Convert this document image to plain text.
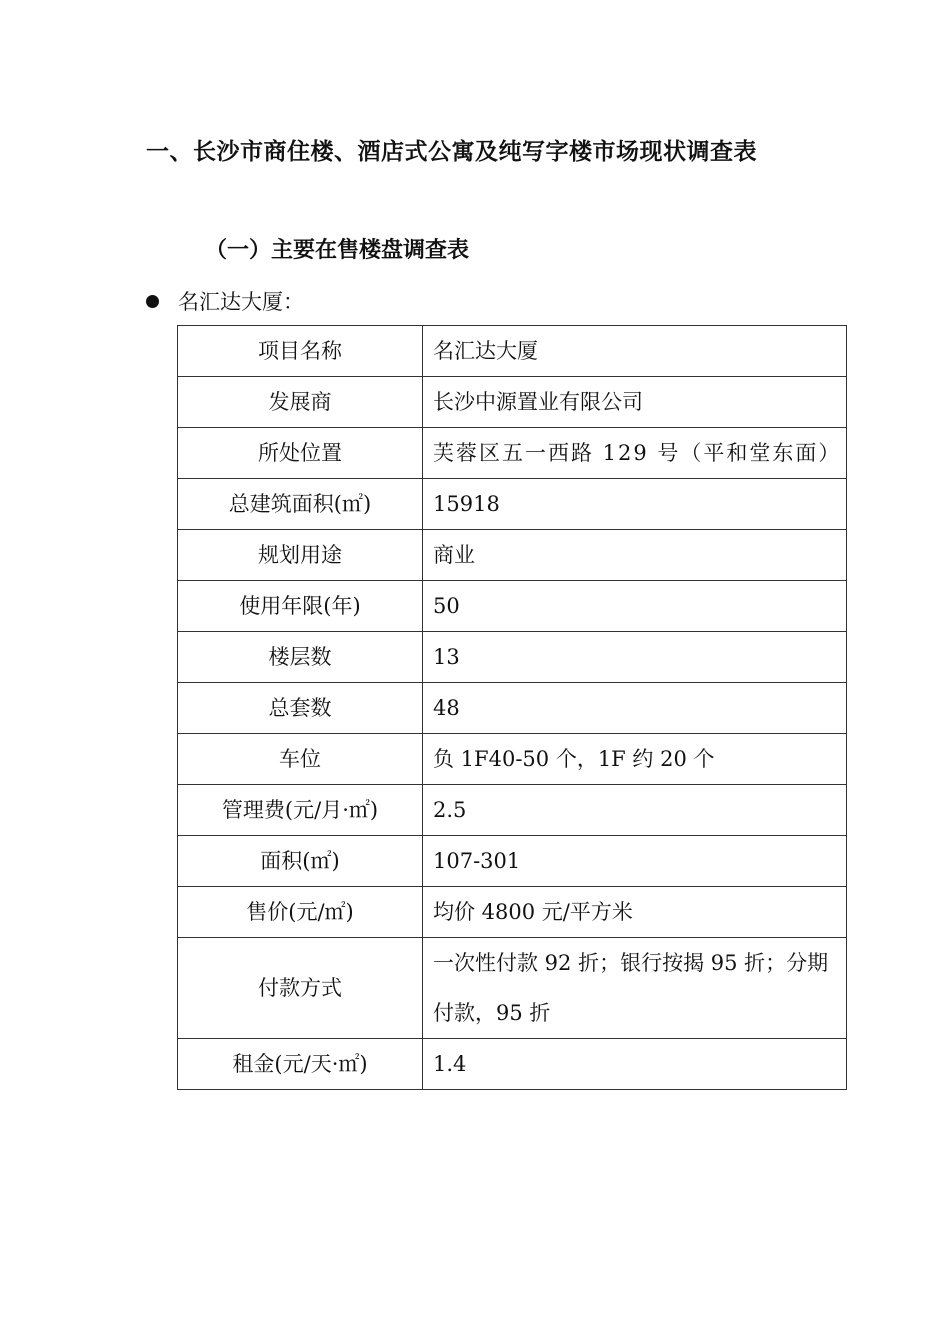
一、长沙市商住楼、酒店式公寓及纯写字楼市场现状调查表
（一）主要在售楼盘调查表
名汇达大厦：
项目名称	名汇达大厦
发展商	长沙中源置业有限公司
所处位置	芙蓉区五一西路 129 号（平和堂东面）
总建筑面积(㎡)	15918
规划用途	商业
使用年限(年)	50
楼层数	13
总套数	48
车位	负 1F40-50 个，1F 约 20 个
管理费(元/月·㎡)	2.5
面积(㎡)	107-301
售价(元/㎡)	均价 4800 元/平方米
付款方式	一次性付款 92 折；银行按揭 95 折；分期付款，95 折
租金(元/天·㎡)	1.4
